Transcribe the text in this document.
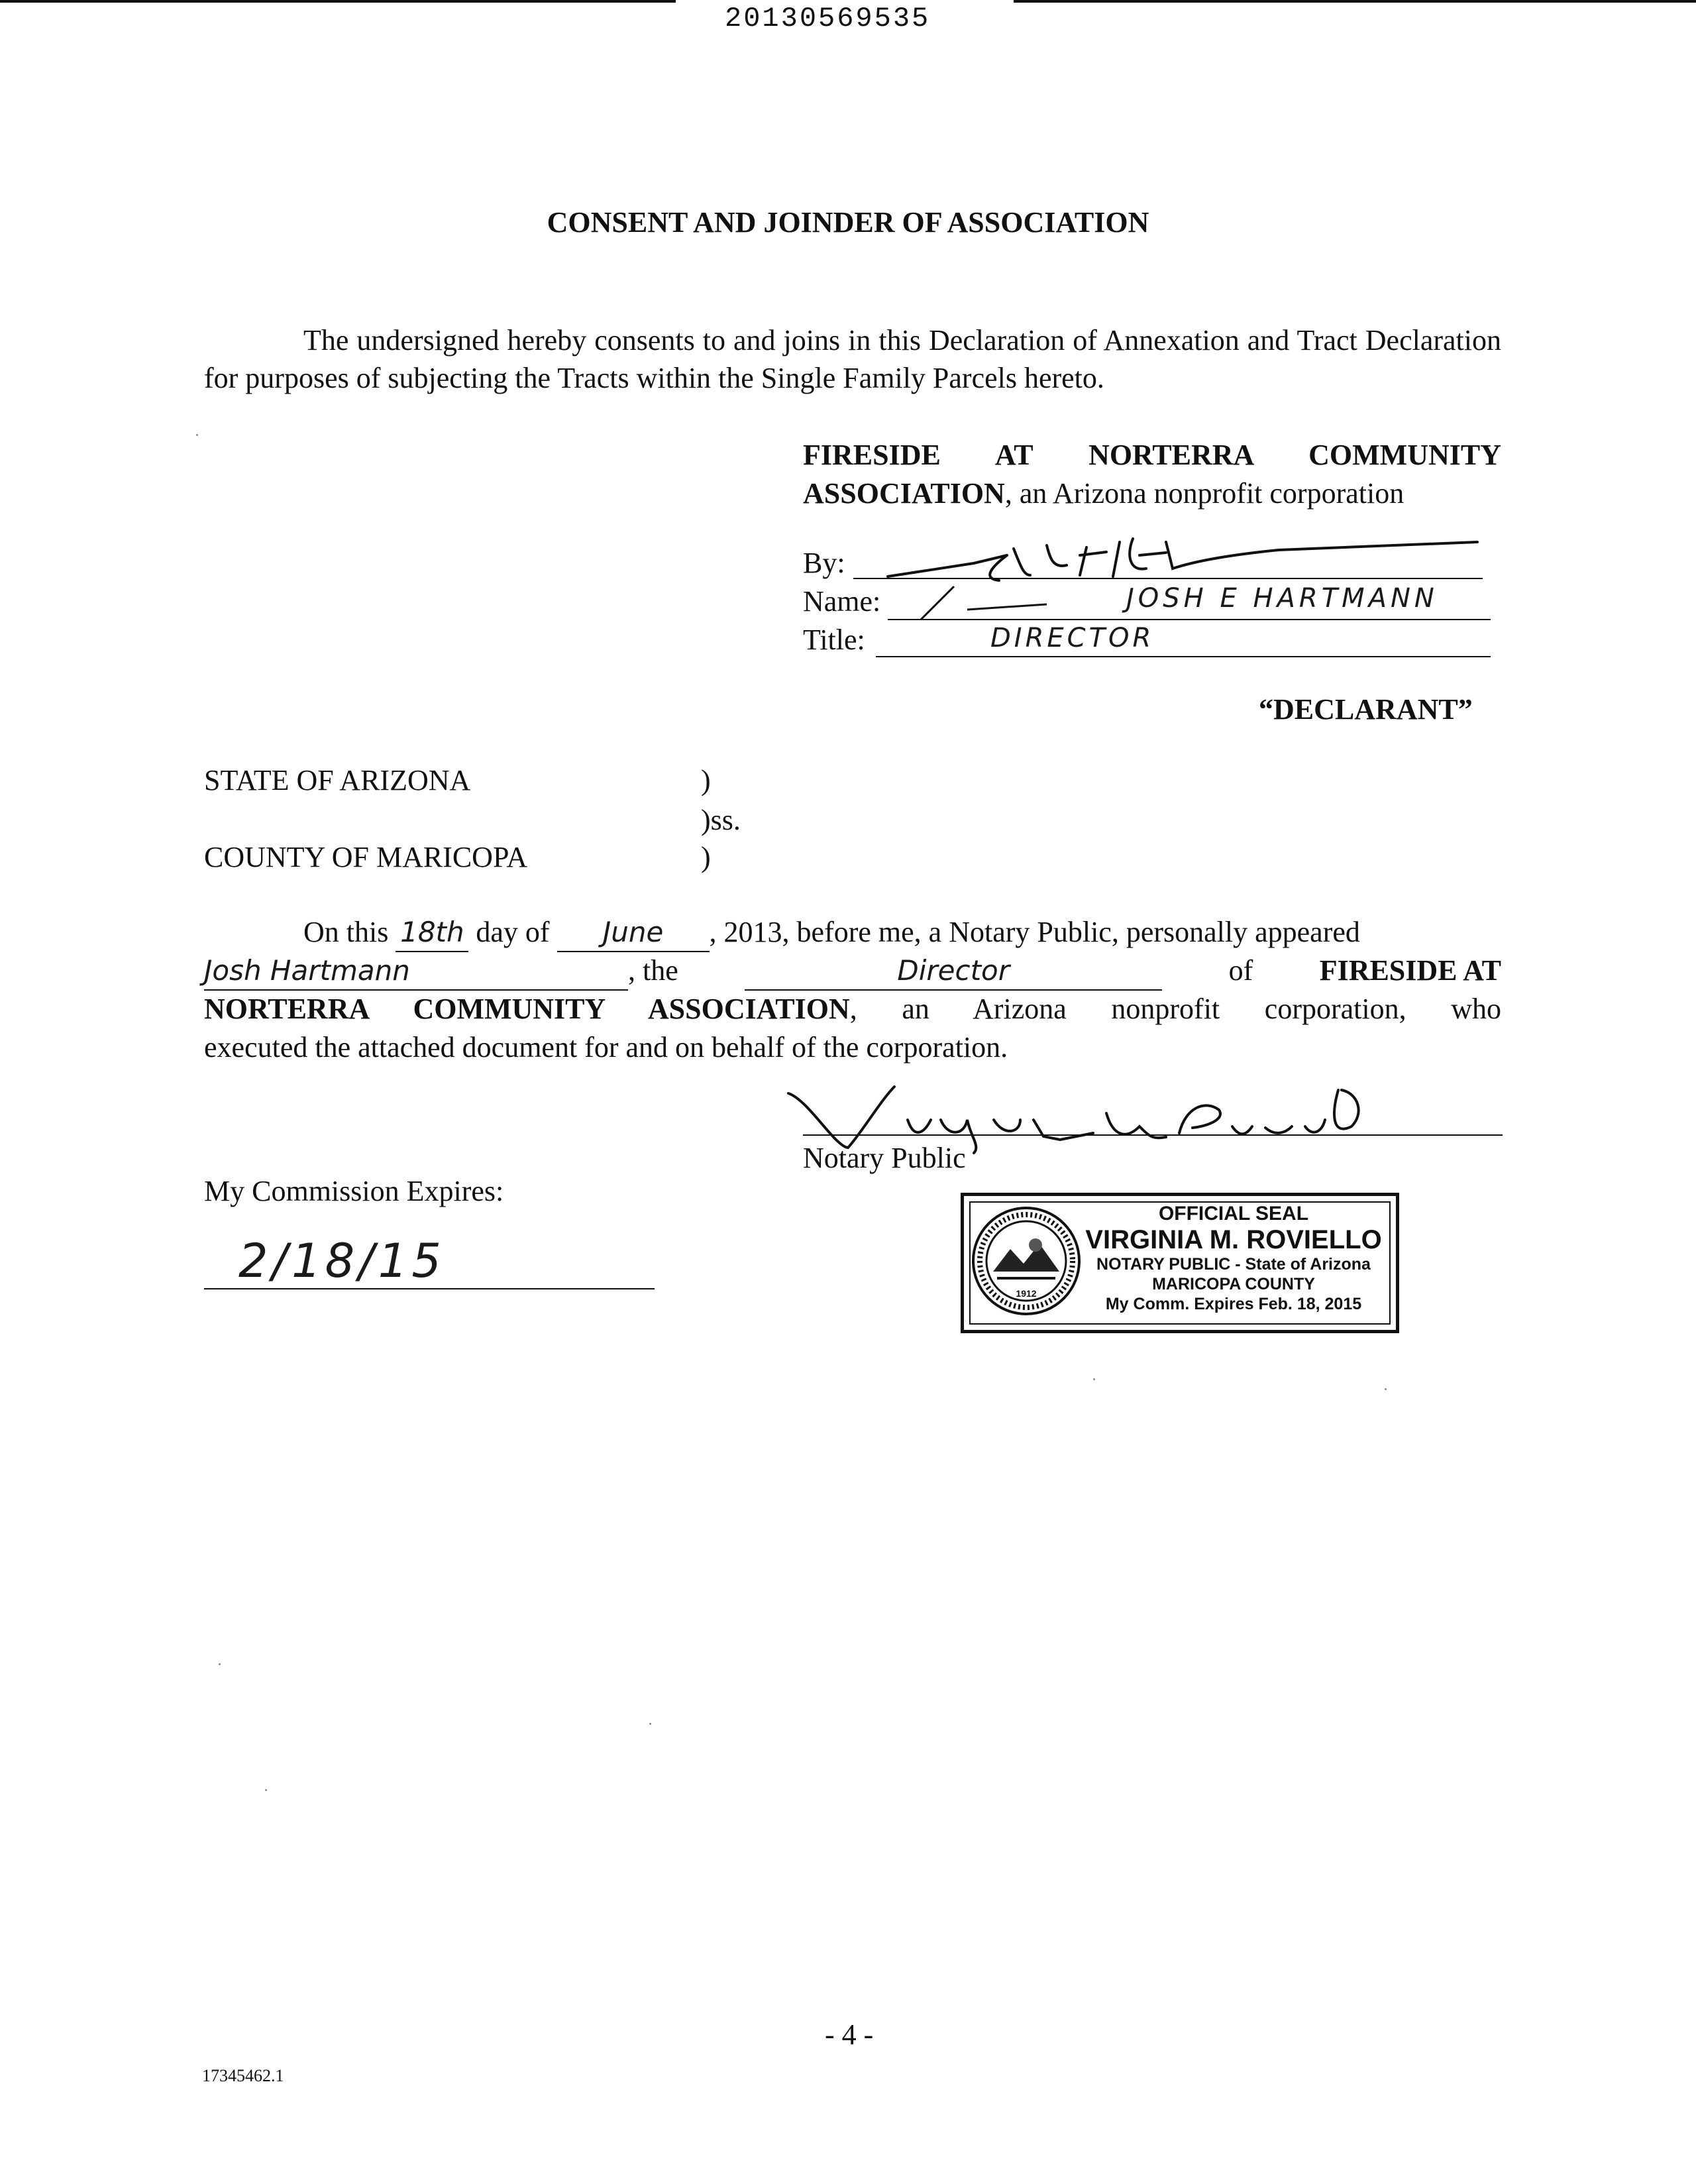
20130569535
CONSENT AND JOINDER OF ASSOCIATION
The undersigned hereby consents to and joins in this Declaration of Annexation and Tract Declaration for purposes of subjecting the Tracts within the Single Family Parcels hereto.
FIRESIDE AT NORTERRA COMMUNITY
ASSOCIATION, an Arizona nonprofit corporation
By:
Name:	JOSH E HARTMANN
Title:	DIRECTOR
“DECLARANT”
STATE OF ARIZONA	)
)ss.
COUNTY OF MARICOPA	)
On this 18th day of June , 2013, before me, a Notary Public, personally appeared
Josh Hartmann	, the	Director	of FIRESIDE AT
NORTERRA COMMUNITY ASSOCIATION, an Arizona nonprofit corporation, who
executed the attached document for and on behalf of the corporation.
Notary Public
My Commission Expires:
2/18/15
1912
OFFICIAL SEAL
VIRGINIA M. ROVIELLO
NOTARY PUBLIC - State of Arizona
MARICOPA COUNTY
My Comm. Expires Feb. 18, 2015
- 4 -
17345462.1
